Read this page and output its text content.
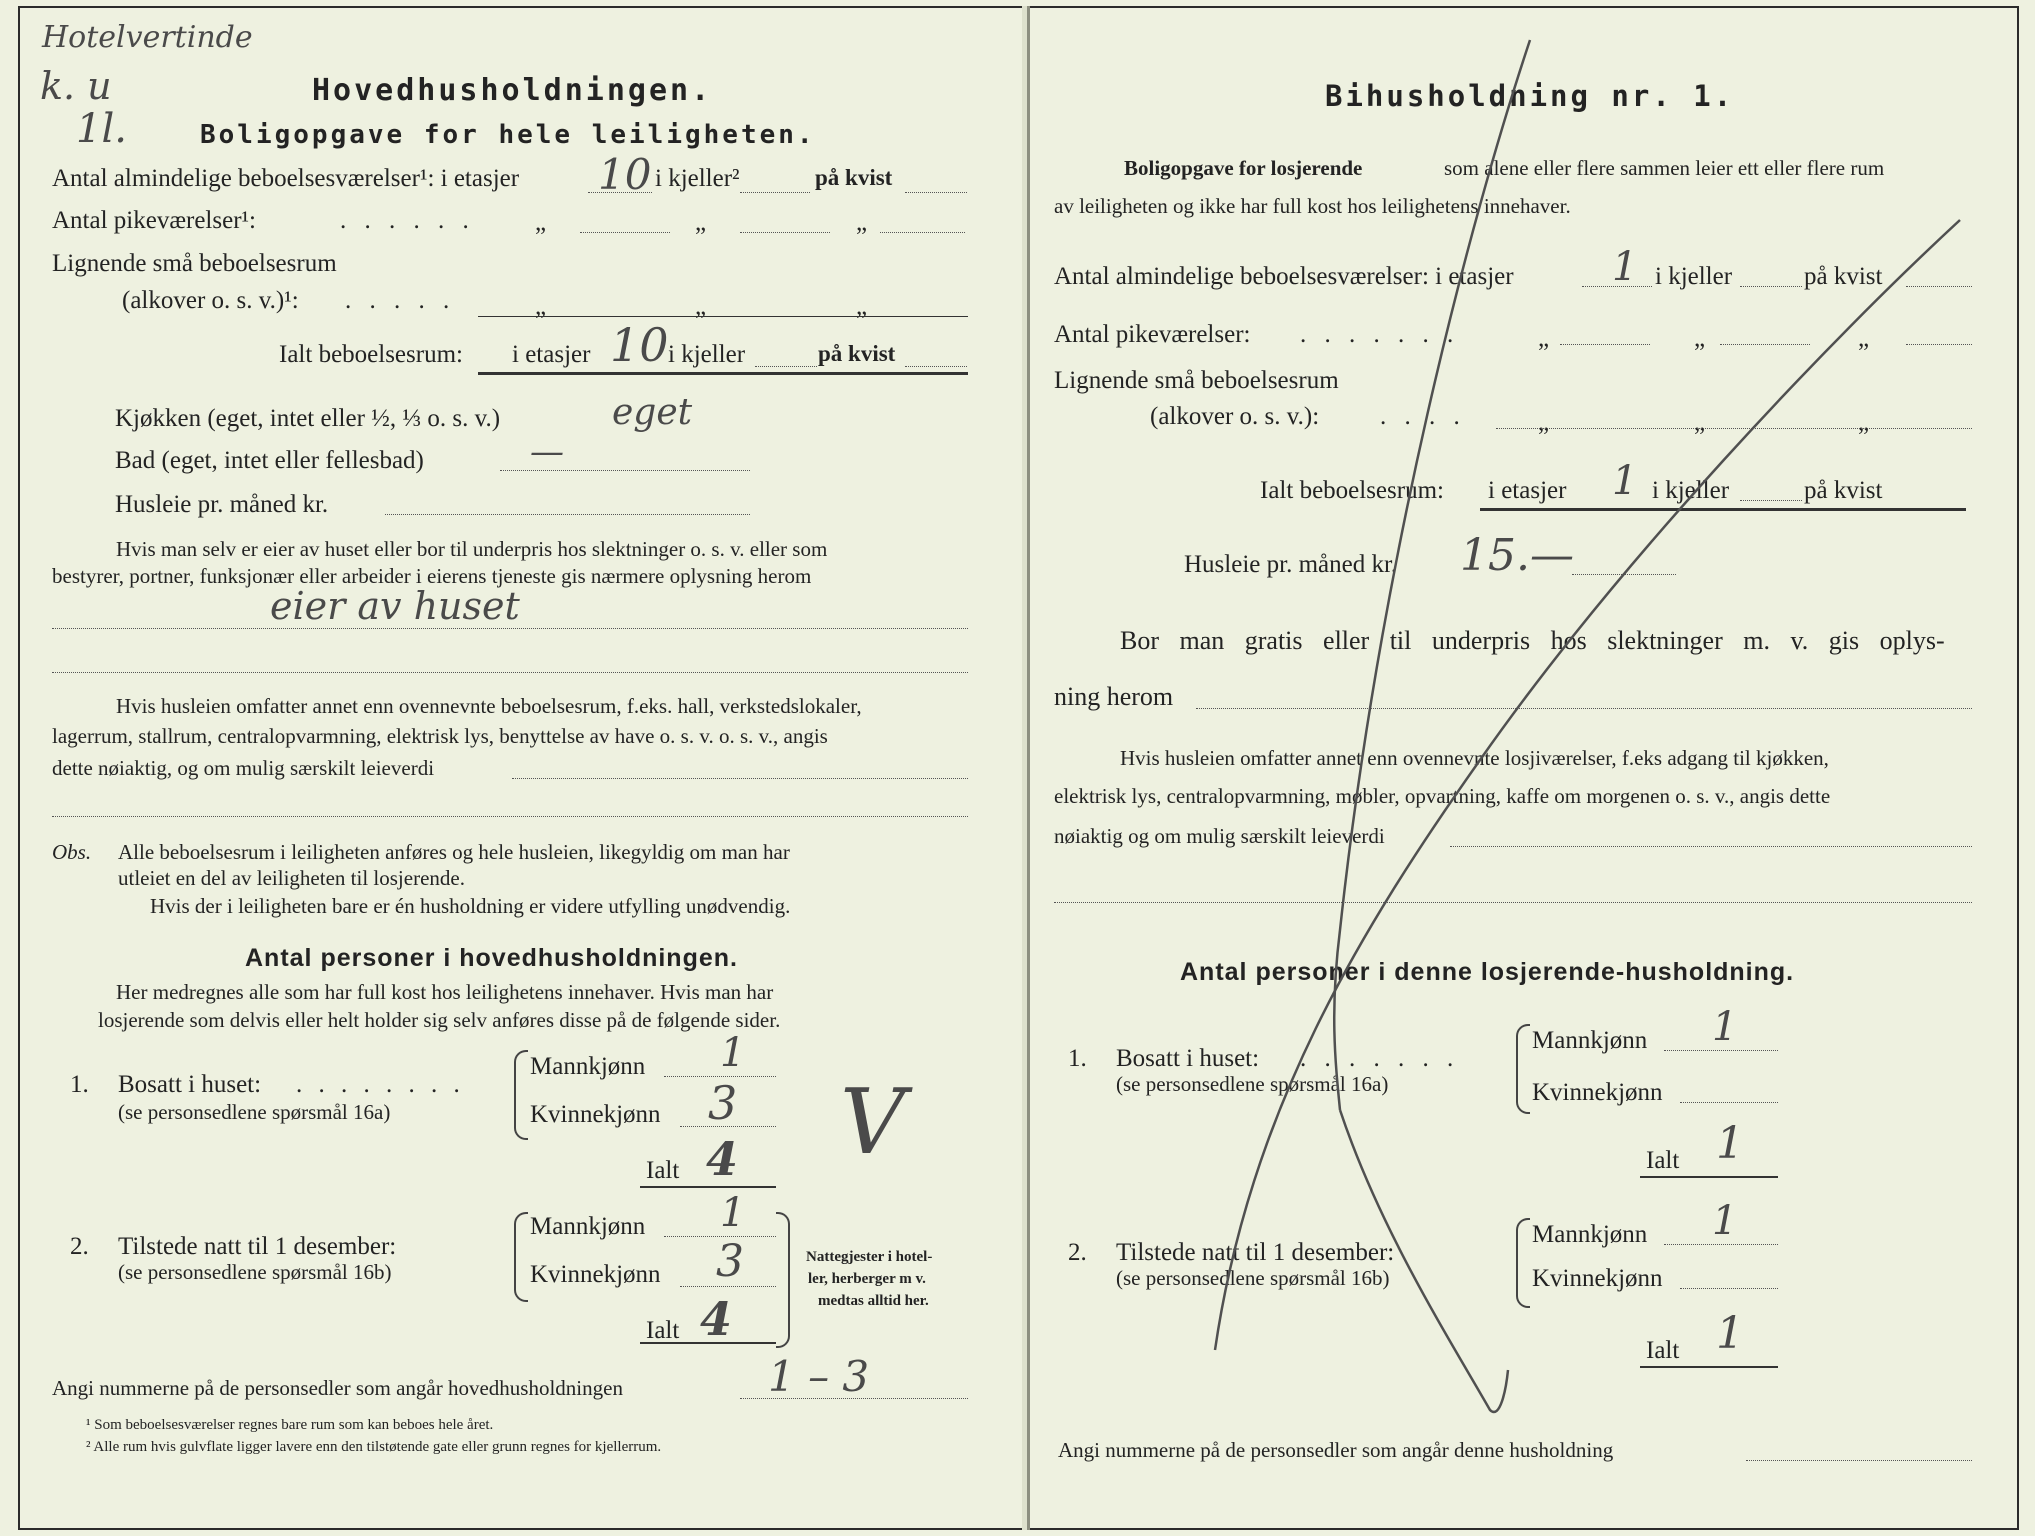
Hotelvertinde
k. u
1l.
Hovedhusholdningen.
Boligopgave for hele leiligheten.
Antal almindelige beboelsesværelser¹: i etasjer 10 i kjeller²	på kvist
Antal pikeværelser¹:	. . . . . . „	„	„
Lignende små beboelsesrum
(alkover o. s. v.)¹: . . . . .	„	„	„
Ialt beboelsesrum: i etasjer 10 i kjeller	på kvist
Kjøkken (eget, intet eller ½, ⅓ o. s. v.)	eget
Bad (eget, intet eller fellesbad)	—
Husleie pr. måned kr.
Hvis man selv er eier av huset eller bor til underpris hos slektninger o. s. v. eller som
bestyrer, portner, funksjonær eller arbeider i eierens tjeneste gis nærmere oplysning herom
eier av huset
Hvis husleien omfatter annet enn ovennevnte beboelsesrum, f.eks. hall, verkstedslokaler,
lagerrum, stallrum, centralopvarmning, elektrisk lys, benyttelse av have o. s. v. o. s. v., angis
dette nøiaktig, og om mulig særskilt leieverdi
Obs. Alle beboelsesrum i leiligheten anføres og hele husleien, likegyldig om man har
utleiet en del av leiligheten til losjerende.
Hvis der i leiligheten bare er én husholdning er videre utfylling unødvendig.
Antal personer i hovedhusholdningen.
Her medregnes alle som har full kost hos leilighetens innehaver. Hvis man har
losjerende som delvis eller helt holder sig selv anføres disse på de følgende sider.
1. Bosatt i huset: . . . . . . . .
(se personsedlene spørsmål 16a)
Mannkjønn 1
Kvinnekjønn 3
Ialt 4 V
2. Tilstede natt til 1 desember:
(se personsedlene spørsmål 16b)
Mannkjønn 1
Kvinnekjønn 3
Ialt 4
Nattegjester i hotel-
ler, herberger m v.
medtas alltid her.
Angi nummerne på de personsedler som angår hovedhusholdningen	1 – 3
¹ Som beboelsesværelser regnes bare rum som kan beboes hele året.
² Alle rum hvis gulvflate ligger lavere enn den tilstøtende gate eller grunn regnes for kjellerrum.
Bihusholdning nr. 1.
Boligopgave for losjerende	som alene eller flere sammen leier ett eller flere rum
av leiligheten og ikke har full kost hos leilighetens innehaver.
Antal almindelige beboelsesværelser: i etasjer 1 i kjeller	på kvist
Antal pikeværelser: . . . . . . .	„	„	„
Lignende små beboelsesrum
(alkover o. s. v.): . . . .	„	„	„
Ialt beboelsesrum: i etasjer 1 i kjeller	på kvist
Husleie pr. måned kr. 15.—
Bor man gratis eller til underpris hos slektninger m. v. gis oplys-
ning herom
Hvis husleien omfatter annet enn ovennevnte losjiværelser, f.eks adgang til kjøkken,
elektrisk lys, centralopvarmning, møbler, opvartning, kaffe om morgenen o. s. v., angis dette
nøiaktig og om mulig særskilt leieverdi
Antal personer i denne losjerende-husholdning.
1. Bosatt i huset: . . . . . . .
(se personsedlene spørsmål 16a)
Mannkjønn 1
Kvinnekjønn
Ialt 1
2. Tilstede natt til 1 desember:
(se personsedlene spørsmål 16b)
Mannkjønn 1
Kvinnekjønn
Ialt 1
Angi nummerne på de personsedler som angår denne husholdning
